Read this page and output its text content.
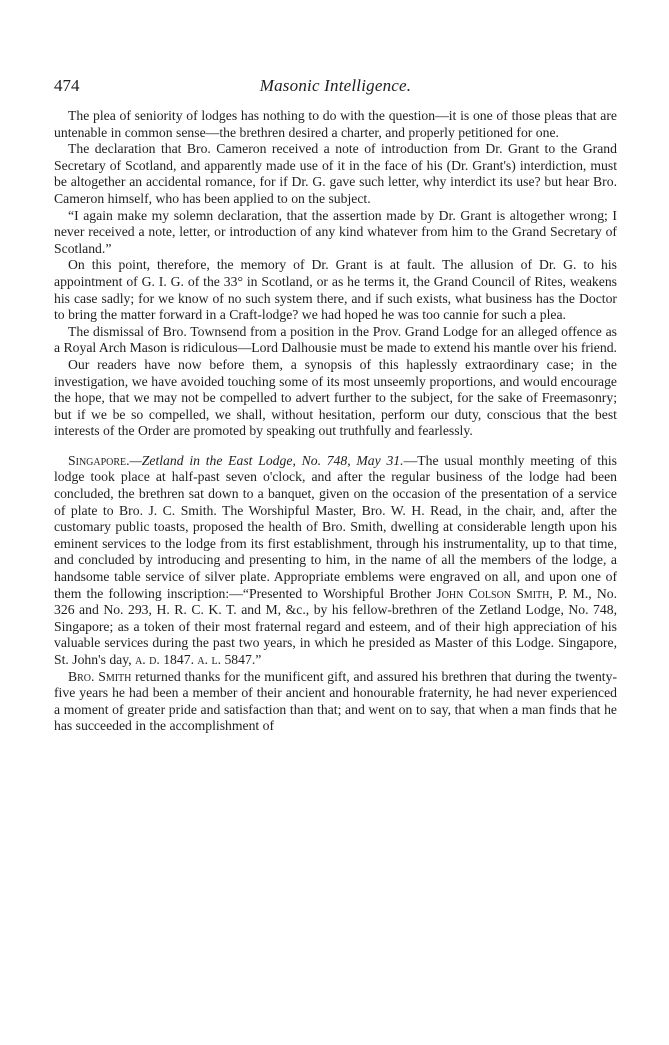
474	Masonic Intelligence.

The plea of seniority of lodges has nothing to do with the question—it is one of those pleas that are untenable in common sense—the brethren desired a charter, and properly petitioned for one.

The declaration that Bro. Cameron received a note of introduction from Dr. Grant to the Grand Secretary of Scotland, and apparently made use of it in the face of his (Dr. Grant's) interdiction, must be altogether an accidental romance, for if Dr. G. gave such letter, why interdict its use? but hear Bro. Cameron himself, who has been applied to on the subject.

“I again make my solemn declaration, that the assertion made by Dr. Grant is altogether wrong; I never received a note, letter, or introduction of any kind whatever from him to the Grand Secretary of Scotland.”

On this point, therefore, the memory of Dr. Grant is at fault. The allusion of Dr. G. to his appointment of G. I. G. of the 33° in Scotland, or as he terms it, the Grand Council of Rites, weakens his case sadly; for we know of no such system there, and if such exists, what business has the Doctor to bring the matter forward in a Craft-lodge? we had hoped he was too cannie for such a plea.

The dismissal of Bro. Townsend from a position in the Prov. Grand Lodge for an alleged offence as a Royal Arch Mason is ridiculous—Lord Dalhousie must be made to extend his mantle over his friend.

Our readers have now before them, a synopsis of this haplessly extraordinary case; in the investigation, we have avoided touching some of its most unseemly proportions, and would encourage the hope, that we may not be compelled to advert further to the subject, for the sake of Freemasonry; but if we be so compelled, we shall, without hesitation, perform our duty, conscious that the best interests of the Order are promoted by speaking out truthfully and fearlessly.

Singapore.—Zetland in the East Lodge, No. 748, May 31.—The usual monthly meeting of this lodge took place at half-past seven o'clock, and after the regular business of the lodge had been concluded, the brethren sat down to a banquet, given on the occasion of the presentation of a service of plate to Bro. J. C. Smith. The Worshipful Master, Bro. W. H. Read, in the chair, and, after the customary public toasts, proposed the health of Bro. Smith, dwelling at considerable length upon his eminent services to the lodge from its first establishment, through his instrumentality, up to that time, and concluded by introducing and presenting to him, in the name of all the members of the lodge, a handsome table service of silver plate. Appropriate emblems were engraved on all, and upon one of them the following inscription:—“Presented to Worshipful Brother John Colson Smith, P. M., No. 326 and No. 293, H. R. C. K. T. and M, &c., by his fellow-brethren of the Zetland Lodge, No. 748, Singapore; as a token of their most fraternal regard and esteem, and of their high appreciation of his valuable services during the past two years, in which he presided as Master of this Lodge. Singapore, St. John's day, a. d. 1847. a. l. 5847.”

Bro. Smith returned thanks for the munificent gift, and assured his brethren that during the twenty-five years he had been a member of their ancient and honourable fraternity, he had never experienced a moment of greater pride and satisfaction than that; and went on to say, that when a man finds that he has succeeded in the accomplishment of
